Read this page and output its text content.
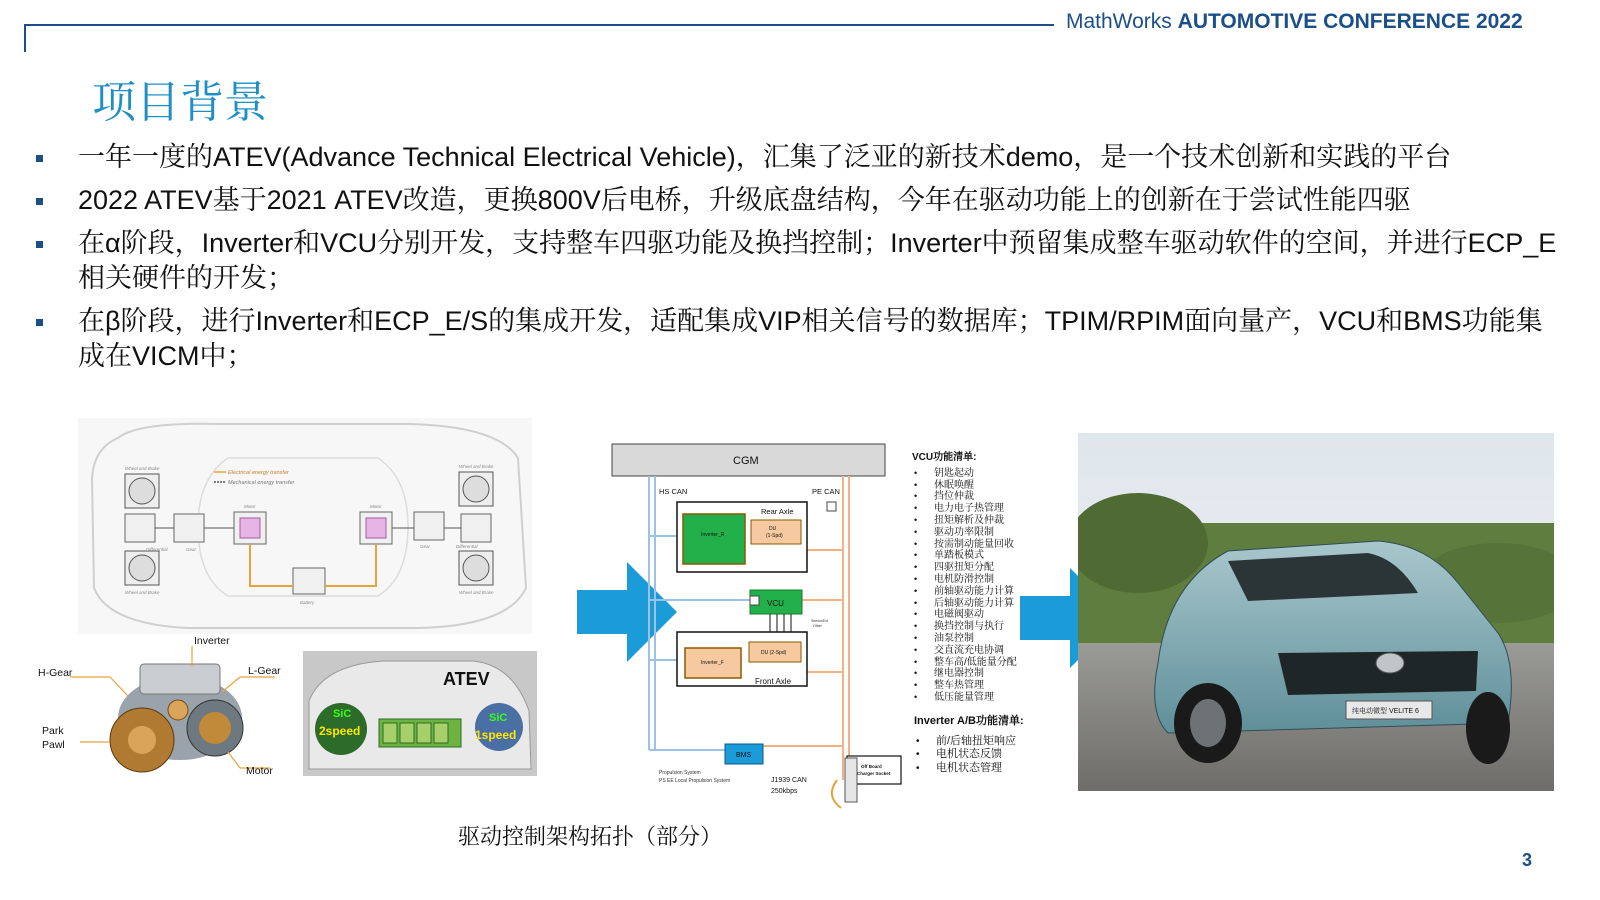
MathWorks AUTOMOTIVE CONFERENCE 2022
项目背景
一年一度的ATEV(Advance Technical Electrical Vehicle)，汇集了泛亚的新技术demo，是一个技术创新和实践的平台
2022 ATEV基于2021 ATEV改造，更换800V后电桥，升级底盘结构，今年在驱动功能上的创新在于尝试性能四驱
在α阶段，Inverter和VCU分别开发，支持整车四驱功能及换挡控制；Inverter中预留集成整车驱动软件的空间，并进行ECP_E相关硬件的开发；
在β阶段，进行Inverter和ECP_E/S的集成开发，适配集成VIP相关信号的数据库；TPIM/RPIM面向量产，VCU和BMS功能集成在VICM中；
Electrical energy transfer
Mechanical energy transfer
Wheel and Brake	Wheel and Brake
Differential	Gear
Motor	Motor
Gear	Differential
Battery
Wheel and Brake	Wheel and Brake
Inverter
H-Gear	L-Gear
Park
Pawl
Motor
ATEV
SiC
2speed
SiC
1speed
CGM
HS CAN	PE CAN
Rear Axle
Inverter_R
DU
(1-Spd)
VCU
Sensor/Ext
Other
Inverter_F
DU (2-Spd)
Front Axle
BMS
Propulsion System
PS EE Local Propulsion System	J1939 CAN
250kbps
Off Board
Charger Socket
VCU功能清单:
• 钥匙起动
• 休眠唤醒
• 挡位仲裁
• 电力电子热管理
• 扭矩解析及仲裁
• 驱动功率限制
• 按需制动能量回收
• 单踏板模式
• 四驱扭矩分配
• 电机防滑控制
• 前轴驱动能力计算
• 后轴驱动能力计算
• 电磁阀驱动
• 换挡控制与执行
• 油泵控制
• 交直流充电协调
• 整车高/低能量分配
• 继电器控制
• 整车热管理
• 低压能量管理
Inverter A/B功能清单:
• 前/后轴扭矩响应
• 电机状态反馈
• 电机状态管理
纯电动微型 VELITE 6
驱动控制架构拓扑（部分）
3
